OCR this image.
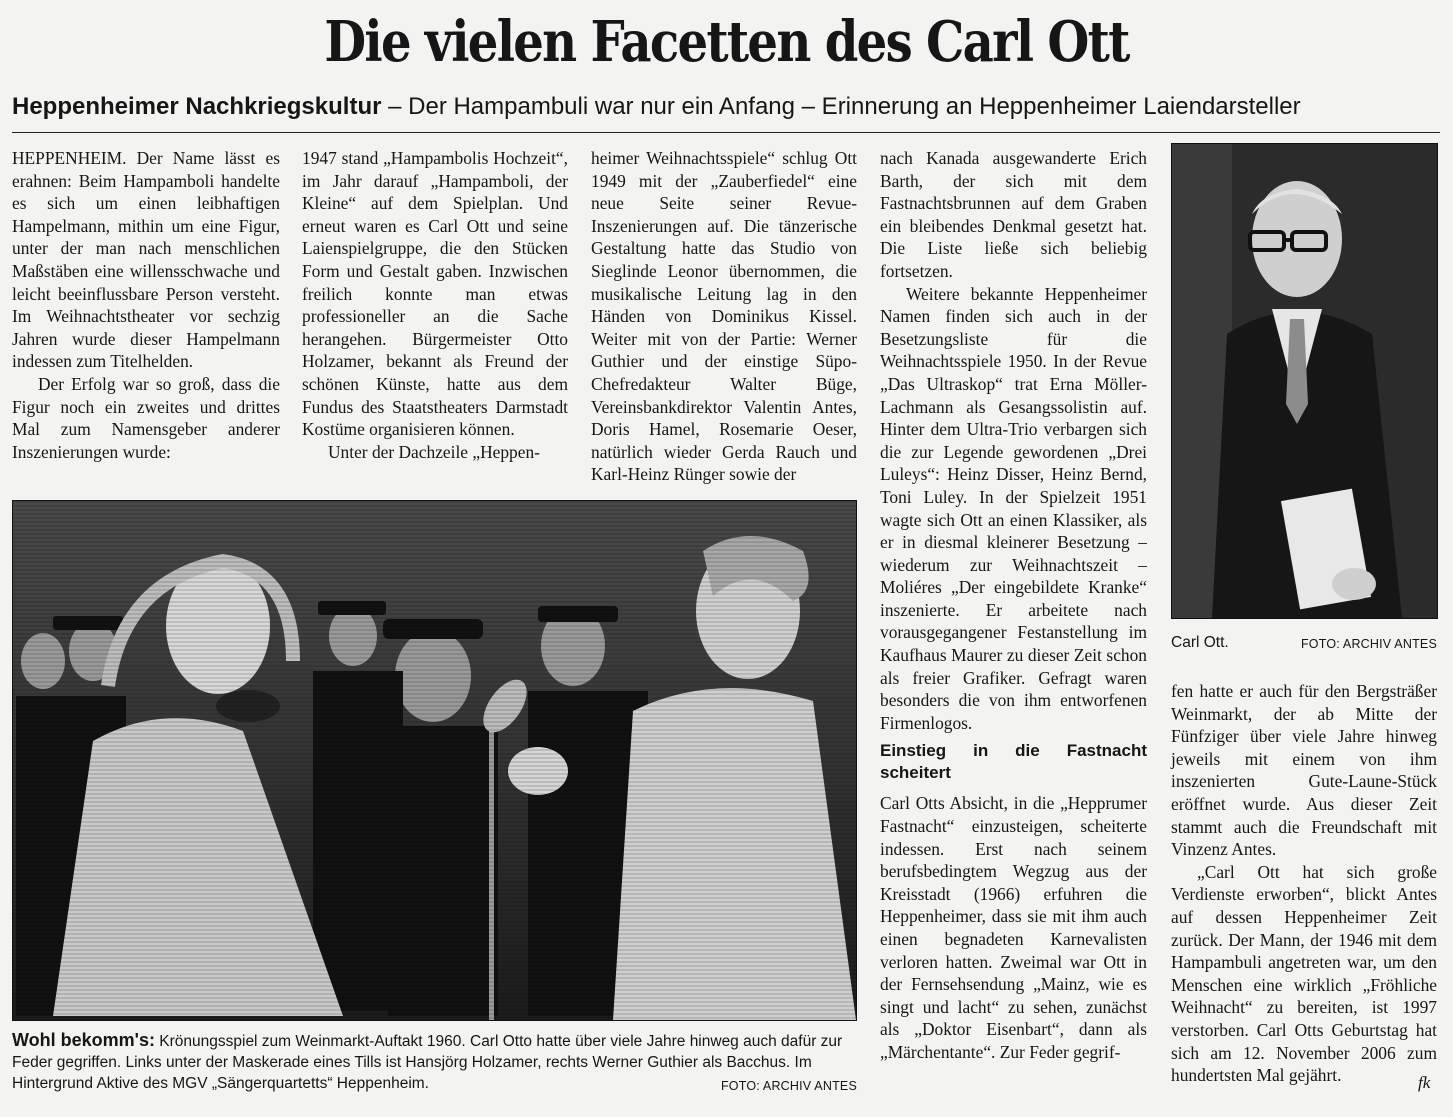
Die vielen Facetten des Carl Ott

Heppenheimer Nachkriegskultur – Der Hampambuli war nur ein Anfang – Erinnerung an Heppenheimer Laiendarsteller

HEPPENHEIM. Der Name lässt es erahnen: Beim Hampamboli handelte es sich um einen leibhaftigen Hampelmann, mithin um eine Figur, unter der man nach menschlichen Maßstäben eine willensschwache und leicht beeinflussbare Person versteht. Im Weihnachtstheater vor sechzig Jahren wurde dieser Hampelmann indessen zum Titelhelden.

Der Erfolg war so groß, dass die Figur noch ein zweites und drittes Mal zum Namensgeber anderer Inszenierungen wurde:

1947 stand „Hampambolis Hochzeit“, im Jahr darauf „Hampamboli, der Kleine“ auf dem Spielplan. Und erneut waren es Carl Ott und seine Laienspielgruppe, die den Stücken Form und Gestalt gaben. Inzwischen freilich konnte man etwas professioneller an die Sache herangehen. Bürgermeister Otto Holzamer, bekannt als Freund der schönen Künste, hatte aus dem Fundus des Staatstheaters Darmstadt Kostüme organisieren können.

Unter der Dachzeile „Heppen-

heimer Weihnachtsspiele“ schlug Ott 1949 mit der „Zauberfiedel“ eine neue Seite seiner Revue-Inszenierungen auf. Die tänzerische Gestaltung hatte das Studio von Sieglinde Leonor übernommen, die musikalische Leitung lag in den Händen von Dominikus Kissel. Weiter mit von der Partie: Werner Guthier und der einstige Süpo-Chefredakteur Walter Büge, Vereinsbankdirektor Valentin Antes, Doris Hamel, Rosemarie Oeser, natürlich wieder Gerda Rauch und Karl-Heinz Rünger sowie der

nach Kanada ausgewanderte Erich Barth, der sich mit dem Fastnachtsbrunnen auf dem Graben ein bleibendes Denkmal gesetzt hat. Die Liste ließe sich beliebig fortsetzen.

Weitere bekannte Heppenheimer Namen finden sich auch in der Besetzungsliste für die Weihnachtsspiele 1950. In der Revue „Das Ultraskop“ trat Erna Möller-Lachmann als Gesangssolistin auf. Hinter dem Ultra-Trio verbargen sich die zur Legende gewordenen „Drei Luleys“: Heinz Disser, Heinz Bernd, Toni Luley. In der Spielzeit 1951 wagte sich Ott an einen Klassiker, als er in diesmal kleinerer Besetzung – wiederum zur Weihnachtszeit – Moliéres „Der eingebildete Kranke“ inszenierte. Er arbeitete nach vorausgegangener Festanstellung im Kaufhaus Maurer zu dieser Zeit schon als freier Grafiker. Gefragt waren besonders die von ihm entworfenen Firmenlogos.

Einstieg in die Fastnacht scheitert

Carl Otts Absicht, in die „Hepprumer Fastnacht“ einzusteigen, scheiterte indessen. Erst nach seinem berufsbedingtem Wegzug aus der Kreisstadt (1966) erfuhren die Heppenheimer, dass sie mit ihm auch einen begnadeten Karnevalisten verloren hatten. Zweimal war Ott in der Fernsehsendung „Mainz, wie es singt und lacht“ zu sehen, zunächst als „Doktor Eisenbart“, dann als „Märchentante“. Zur Feder gegrif-

fen hatte er auch für den Bergsträßer Weinmarkt, der ab Mitte der Fünfziger über viele Jahre hinweg jeweils mit einem von ihm inszenierten Gute-Laune-Stück eröffnet wurde. Aus dieser Zeit stammt auch die Freundschaft mit Vinzenz Antes.

„Carl Ott hat sich große Verdienste erworben“, blickt Antes auf dessen Heppenheimer Zeit zurück. Der Mann, der 1946 mit dem Hampambuli angetreten war, um den Menschen eine wirklich „Fröhliche Weihnacht“ zu bereiten, ist 1997 verstorben. Carl Otts Geburtstag hat sich am 12. November 2006 zum hundertsten Mal gejährt.	fk
Wohl bekomm's: Krönungsspiel zum Weinmarkt-Auftakt 1960. Carl Otto hatte über viele Jahre hinweg auch dafür zur Feder gegriffen. Links unter der Maskerade eines Tills ist Hansjörg Holzamer, rechts Werner Guthier als Bacchus. Im Hintergrund Aktive des MGV „Sängerquartetts“ Heppenheim.	FOTO: ARCHIV ANTES
Carl Ott.	FOTO: ARCHIV ANTES
